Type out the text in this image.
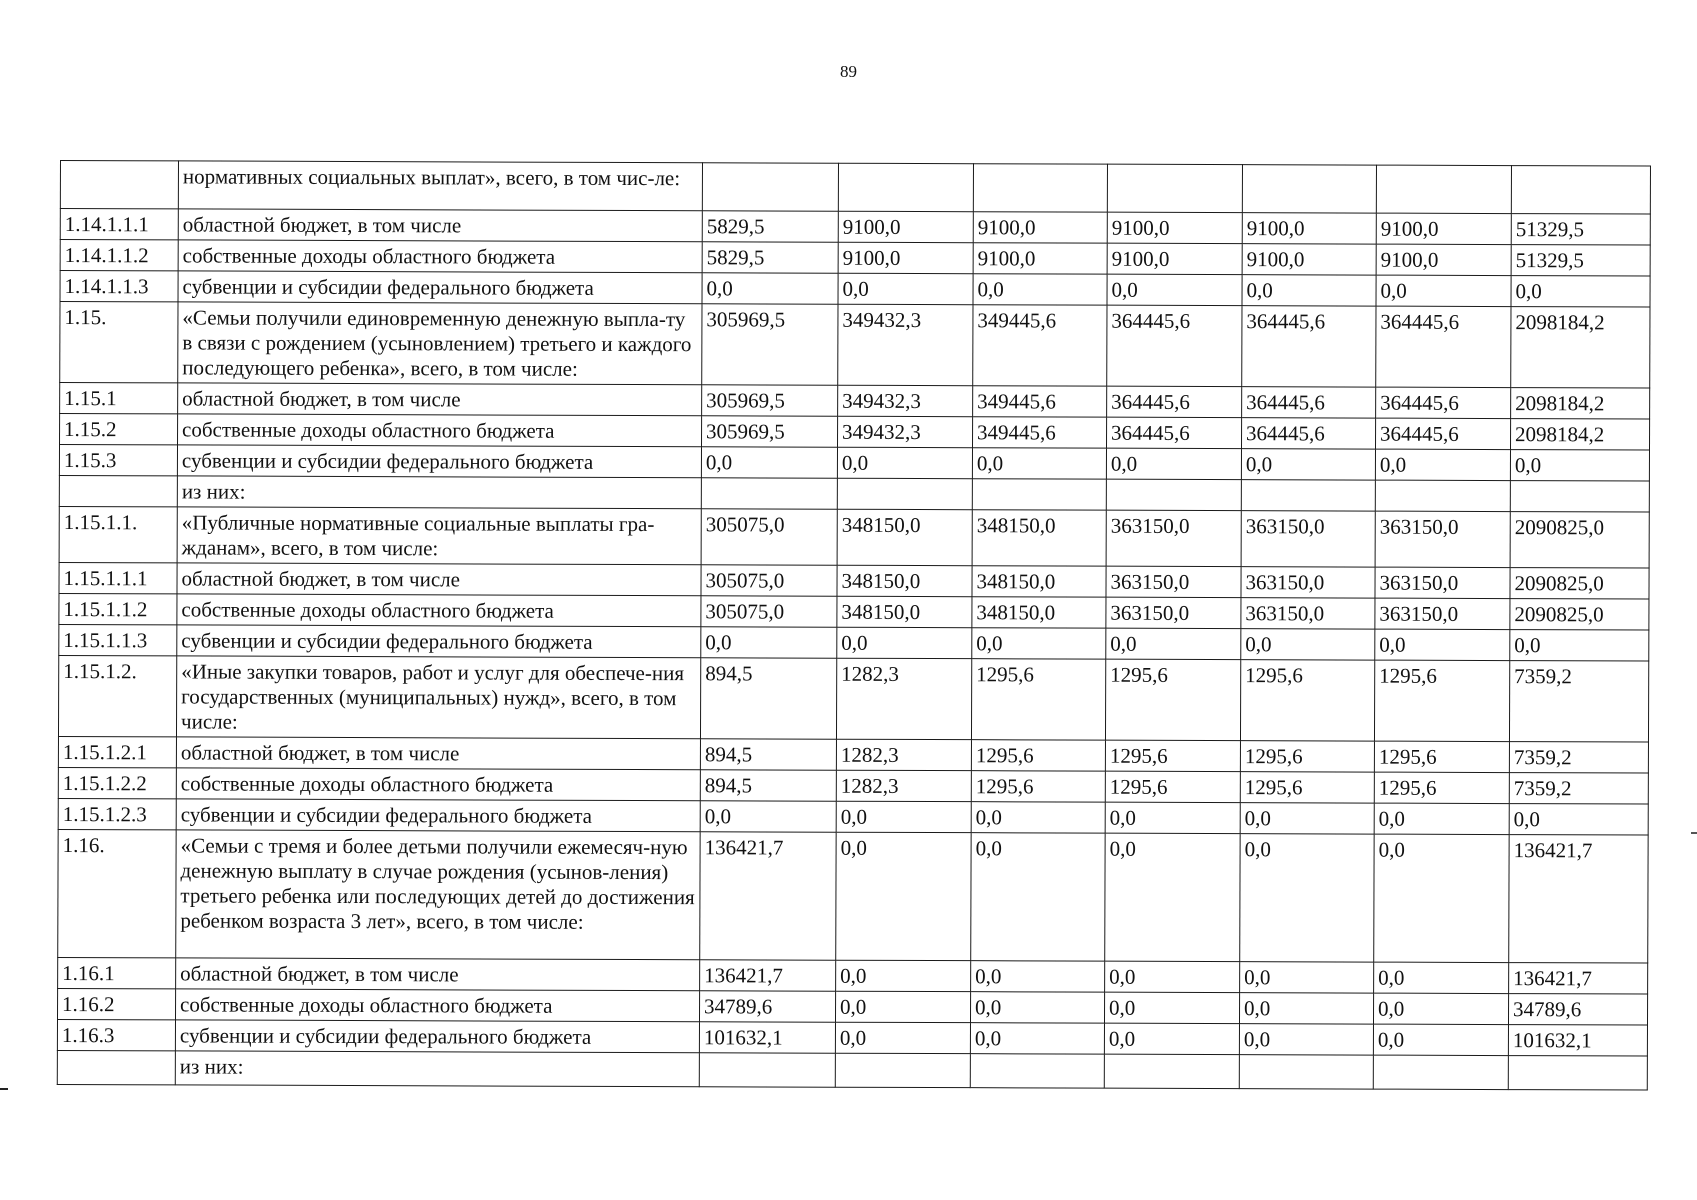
89
	нормативных социальных выплат», всего, в том чис-ле:							
1.14.1.1.1	областной бюджет, в том числе	5829,5	9100,0	9100,0	9100,0	9100,0	9100,0	51329,5
1.14.1.1.2	собственные доходы областного бюджета	5829,5	9100,0	9100,0	9100,0	9100,0	9100,0	51329,5
1.14.1.1.3	субвенции и субсидии федерального бюджета	0,0	0,0	0,0	0,0	0,0	0,0	0,0
1.15.	«Семьи получили единовременную денежную выпла-ту в связи с рождением (усыновлением) третьего и каждого последующего ребенка», всего, в том числе:	305969,5	349432,3	349445,6	364445,6	364445,6	364445,6	2098184,2
1.15.1	областной бюджет, в том числе	305969,5	349432,3	349445,6	364445,6	364445,6	364445,6	2098184,2
1.15.2	собственные доходы областного бюджета	305969,5	349432,3	349445,6	364445,6	364445,6	364445,6	2098184,2
1.15.3	субвенции и субсидии федерального бюджета	0,0	0,0	0,0	0,0	0,0	0,0	0,0
	из них:							
1.15.1.1.	«Публичные нормативные социальные выплаты гра-жданам», всего, в том числе:	305075,0	348150,0	348150,0	363150,0	363150,0	363150,0	2090825,0
1.15.1.1.1	областной бюджет, в том числе	305075,0	348150,0	348150,0	363150,0	363150,0	363150,0	2090825,0
1.15.1.1.2	собственные доходы областного бюджета	305075,0	348150,0	348150,0	363150,0	363150,0	363150,0	2090825,0
1.15.1.1.3	субвенции и субсидии федерального бюджета	0,0	0,0	0,0	0,0	0,0	0,0	0,0
1.15.1.2.	«Иные закупки товаров, работ и услуг для обеспече-ния государственных (муниципальных) нужд», всего, в том числе:	894,5	1282,3	1295,6	1295,6	1295,6	1295,6	7359,2
1.15.1.2.1	областной бюджет, в том числе	894,5	1282,3	1295,6	1295,6	1295,6	1295,6	7359,2
1.15.1.2.2	собственные доходы областного бюджета	894,5	1282,3	1295,6	1295,6	1295,6	1295,6	7359,2
1.15.1.2.3	субвенции и субсидии федерального бюджета	0,0	0,0	0,0	0,0	0,0	0,0	0,0
1.16.	«Семьи с тремя и более детьми получили ежемесяч-ную денежную выплату в случае рождения (усынов-ления) третьего ребенка или последующих детей до достижения ребенком возраста 3 лет», всего, в том числе:	136421,7	0,0	0,0	0,0	0,0	0,0	136421,7
1.16.1	областной бюджет, в том числе	136421,7	0,0	0,0	0,0	0,0	0,0	136421,7
1.16.2	собственные доходы областного бюджета	34789,6	0,0	0,0	0,0	0,0	0,0	34789,6
1.16.3	субвенции и субсидии федерального бюджета	101632,1	0,0	0,0	0,0	0,0	0,0	101632,1
	из них:							
